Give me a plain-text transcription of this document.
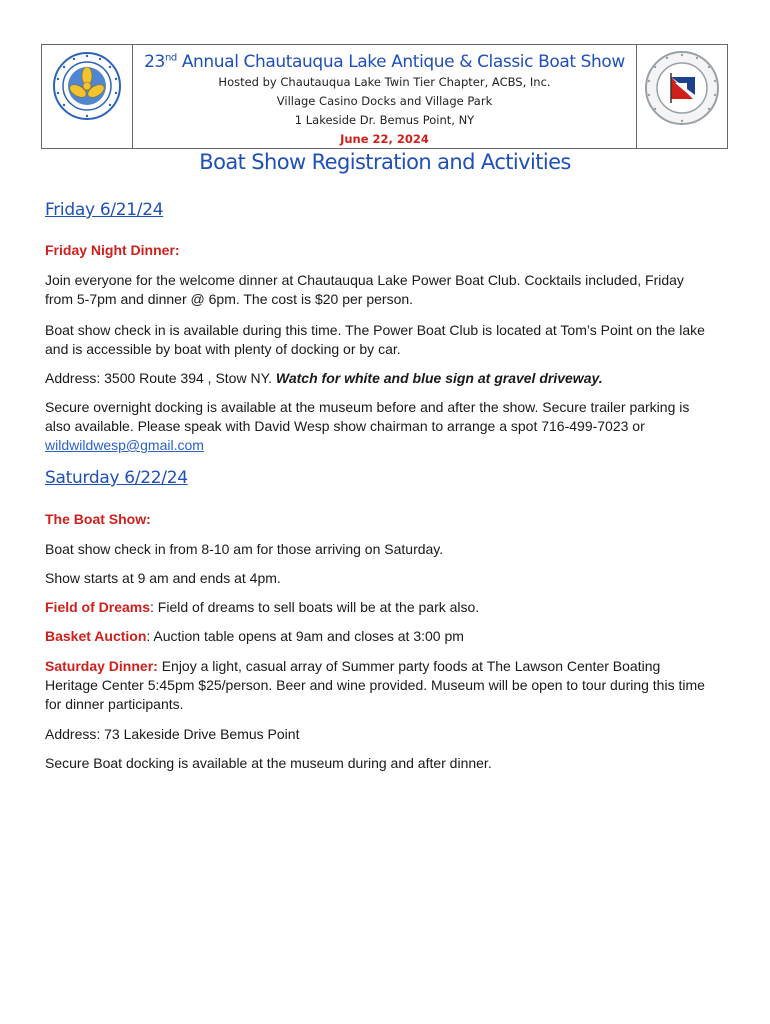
23nd Annual Chautauqua Lake Antique & Classic Boat Show
Hosted by Chautauqua Lake Twin Tier Chapter, ACBS, Inc.
Village Casino Docks and Village Park
1 Lakeside Dr. Bemus Point, NY
June 22, 2024
Boat Show Registration and Activities
Friday 6/21/24
Friday Night Dinner:
Join everyone for the welcome dinner at Chautauqua Lake Power Boat Club. Cocktails included, Friday from 5-7pm and dinner @ 6pm. The cost is $20 per person.
Boat show check in is available during this time. The Power Boat Club is located at Tom’s Point on the lake and is accessible by boat with plenty of docking or by car.
Address: 3500 Route 394 , Stow NY. Watch for white and blue sign at gravel driveway.
Secure overnight docking is available at the museum before and after the show. Secure trailer parking is also available. Please speak with David Wesp show chairman to arrange a spot 716-499-7023 or wildwildwesp@gmail.com
Saturday 6/22/24
The Boat Show:
Boat show check in from 8-10 am for those arriving on Saturday.
Show starts at 9 am and ends at 4pm.
Field of Dreams: Field of dreams to sell boats will be at the park also.
Basket Auction: Auction table opens at 9am and closes at 3:00 pm
Saturday Dinner: Enjoy a light, casual array of Summer party foods at The Lawson Center Boating Heritage Center 5:45pm $25/person. Beer and wine provided. Museum will be open to tour during this time for dinner participants.
Address: 73 Lakeside Drive Bemus Point
Secure Boat docking is available at the museum during and after dinner.
